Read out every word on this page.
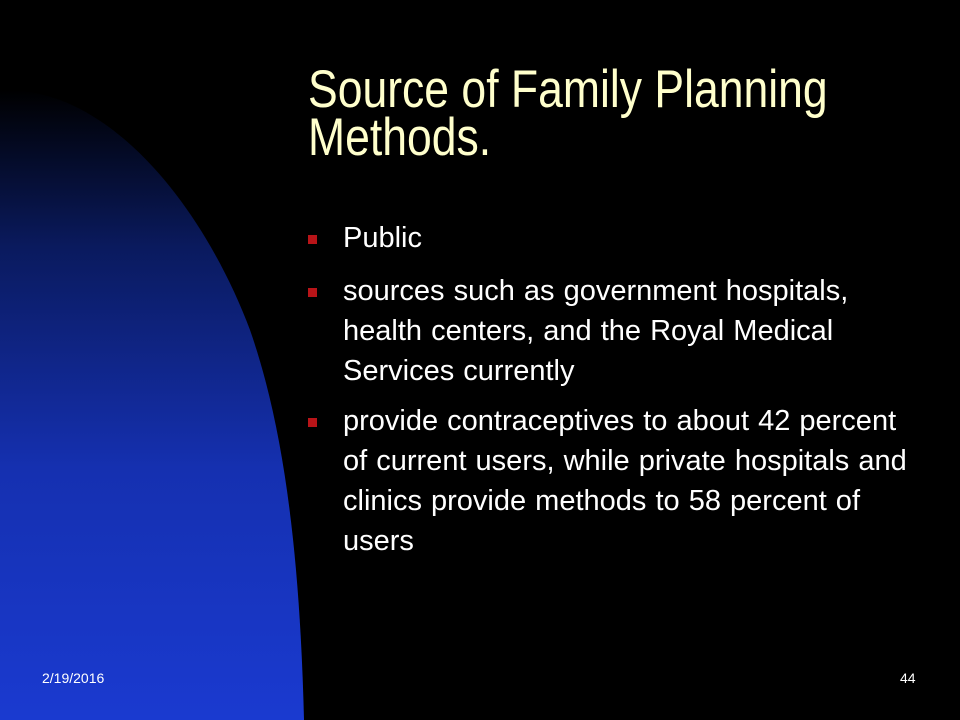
Source of Family Planning
Methods.
Public
sources such as government hospitals, health centers, and the Royal Medical Services currently
provide contraceptives to about 42 percent of current users, while private hospitals and clinics provide methods to 58 percent of users
2/19/2016	44
